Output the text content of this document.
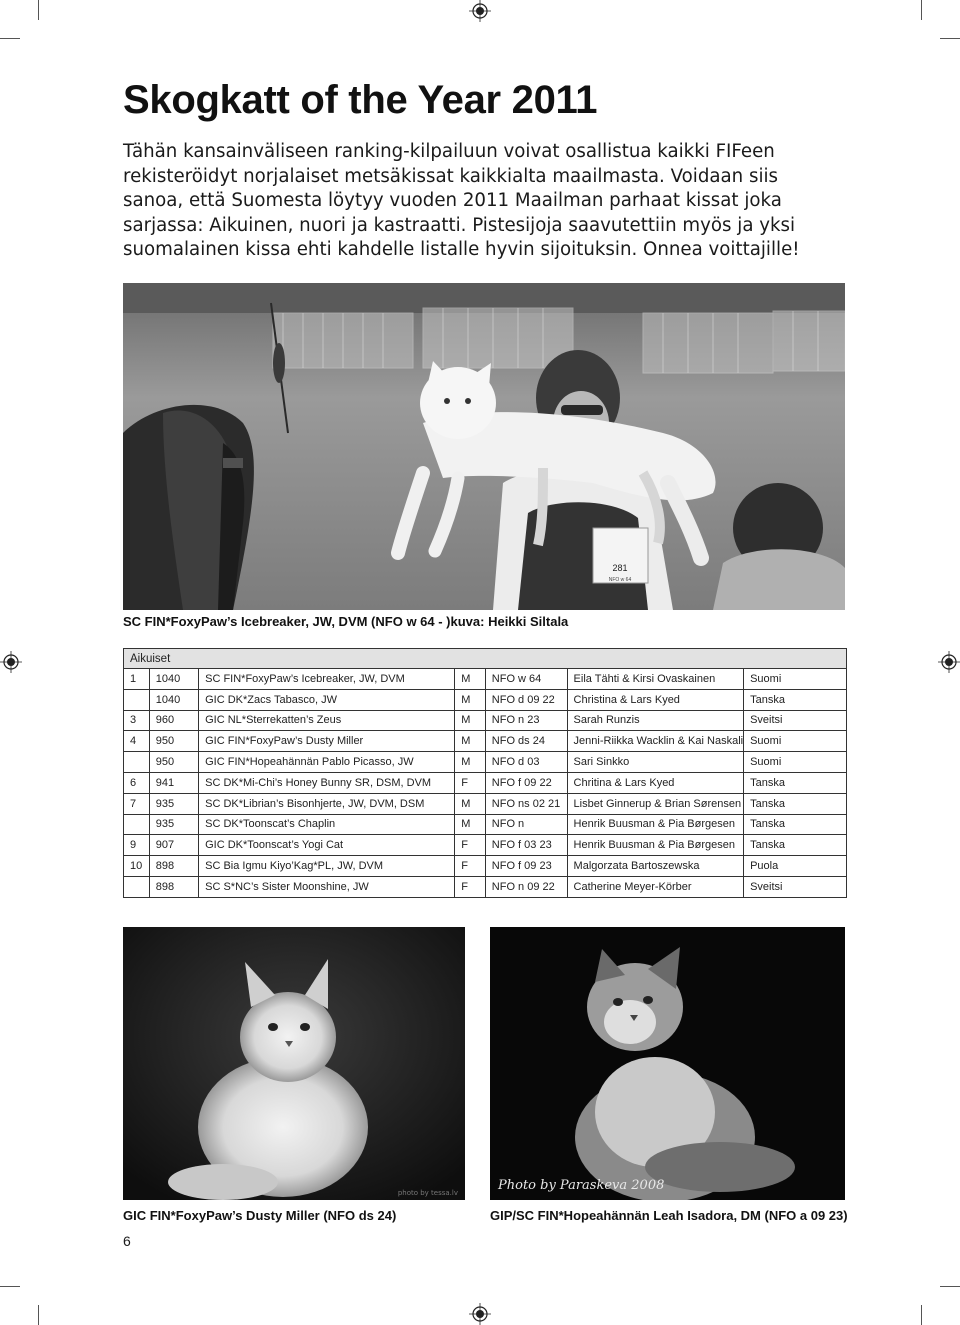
Skogkatt of the Year 2011
Tähän kansainväliseen ranking-kilpailuun voivat osallistua kaikki FIFeen rekisteröidyt norjalaiset metsäkissat kaikkialta maailmasta. Voidaan siis sanoa, että Suomesta löytyy vuoden 2011 Maailman parhaat kissat joka sarjassa: Aikuinen, nuori ja kastraatti. Pistesijoja saavutettiin myös ja yksi suomalainen kissa ehti kahdelle listalle hyvin sijoituksin. Onnea voittajille!
281
NFO w 64
SC FIN*FoxyPaw’s Icebreaker, JW, DVM (NFO w 64 - )kuva: Heikki Siltala
Aikuiset						
1	1040	SC FIN*FoxyPaw’s Icebreaker, JW, DVM	M	NFO w 64	Eila Tähti & Kirsi Ovaskainen	Suomi
	1040	GIC DK*Zacs Tabasco, JW	M	NFO d 09 22	Christina & Lars Kyed	Tanska
3	960	GIC NL*Sterrekatten’s Zeus	M	NFO n 23	Sarah Runzis	Sveitsi
4	950	GIC FIN*FoxyPaw’s Dusty Miller	M	NFO ds 24	Jenni-Riikka Wacklin & Kai Naskali	Suomi
	950	GIC FIN*Hopeahännän Pablo Picasso, JW	M	NFO d 03	Sari Sinkko	Suomi
6	941	SC DK*Mi-Chi’s Honey Bunny SR, DSM, DVM	F	NFO f 09 22	Chritina & Lars Kyed	Tanska
7	935	SC DK*Librian’s Bisonhjerte, JW, DVM, DSM	M	NFO ns 02 21	Lisbet Ginnerup & Brian Sørensen	Tanska
	935	SC DK*Toonscat’s Chaplin	M	NFO n	Henrik Buusman & Pia Børgesen	Tanska
9	907	GIC DK*Toonscat’s Yogi Cat	F	NFO f 03 23	Henrik Buusman & Pia Børgesen	Tanska
10	898	SC Bia Igmu Kiyo’Kag*PL, JW, DVM	F	NFO f 09 23	Malgorzata Bartoszewska	Puola
	898	SC S*NC’s Sister Moonshine, JW	F	NFO n 09 22	Catherine Meyer-Körber	Sveitsi
photo by tessa.lv
GIC FIN*FoxyPaw’s Dusty Miller (NFO ds 24)
Photo by Paraskeva 2008
GIP/SC FIN*Hopeahännän Leah Isadora, DM (NFO a 09 23)
6
